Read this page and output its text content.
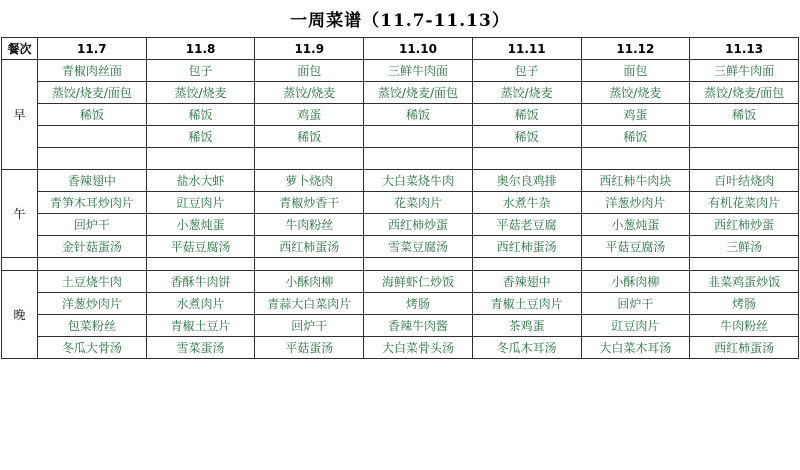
一周菜谱（11.7-11.13）
餐次	11.7	11.8	11.9	11.10	11.11	11.12	11.13
早	青椒肉丝面	包子	面包	三鲜牛肉面	包子	面包	三鲜牛肉面
	蒸饺/烧麦/面包	蒸饺/烧麦	蒸饺/烧麦	蒸饺/烧麦/面包	蒸饺/烧麦	蒸饺/烧麦	蒸饺/烧麦/面包
	稀饭	稀饭	鸡蛋	稀饭	稀饭	鸡蛋	稀饭
		稀饭	稀饭		稀饭	稀饭	

午	香辣翅中	盐水大虾	萝卜烧肉	大白菜烧牛肉	奥尔良鸡排	西红柿牛肉块	百叶结烧肉
	青笋木耳炒肉片	豇豆肉片	青椒炒香干	花菜肉片	水煮牛杂	洋葱炒肉片	有机花菜肉片
	回炉干	小葱炖蛋	牛肉粉丝	西红柿炒蛋	平菇老豆腐	小葱炖蛋	西红柿炒蛋
	金针菇蛋汤	平菇豆腐汤	西红柿蛋汤	雪菜豆腐汤	西红柿蛋汤	平菇豆腐汤	三鲜汤

晚	土豆烧牛肉	香酥牛肉饼	小酥肉柳	海鲜虾仁炒饭	香辣翅中	小酥肉柳	韭菜鸡蛋炒饭
	洋葱炒肉片	水煮肉片	青蒜大白菜肉片	烤肠	青椒土豆肉片	回炉干	烤肠
	包菜粉丝	青椒土豆片	回炉干	香辣牛肉酱	茶鸡蛋	豇豆肉片	牛肉粉丝
	冬瓜大骨汤	雪菜蛋汤	平菇蛋汤	大白菜骨头汤	冬瓜木耳汤	大白菜木耳汤	西红柿蛋汤
